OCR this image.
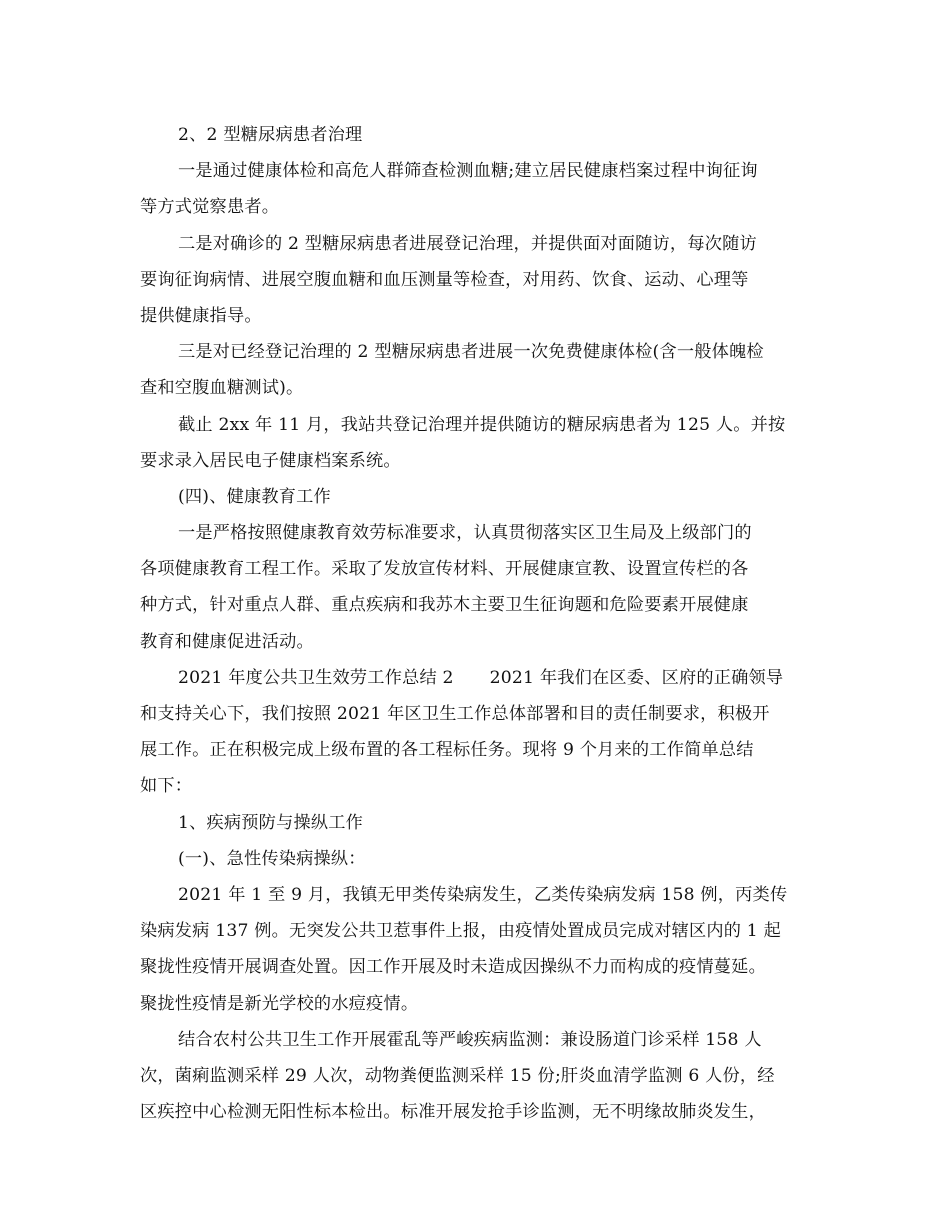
2、2 型糖尿病患者治理
一是通过健康体检和高危人群筛查检测血糖;建立居民健康档案过程中询征询
等方式觉察患者。
二是对确诊的 2 型糖尿病患者进展登记治理，并提供面对面随访，每次随访
要询征询病情、进展空腹血糖和血压测量等检查，对用药、饮食、运动、心理等
提供健康指导。
三是对已经登记治理的 2 型糖尿病患者进展一次免费健康体检(含一般体魄检
查和空腹血糖测试)。
截止 2xx 年 11 月，我站共登记治理并提供随访的糖尿病患者为 125 人。并按
要求录入居民电子健康档案系统。
(四)、健康教育工作
一是严格按照健康教育效劳标准要求，认真贯彻落实区卫生局及上级部门的
各项健康教育工程工作。采取了发放宣传材料、开展健康宣教、设置宣传栏的各
种方式，针对重点人群、重点疾病和我苏木主要卫生征询题和危险要素开展健康
教育和健康促进活动。
2021 年度公共卫生效劳工作总结 2 2021 年我们在区委、区府的正确领导
和支持关心下，我们按照 2021 年区卫生工作总体部署和目的责任制要求，积极开
展工作。正在积极完成上级布置的各工程标任务。现将 9 个月来的工作简单总结
如下：
1、疾病预防与操纵工作
(一)、急性传染病操纵：
2021 年 1 至 9 月，我镇无甲类传染病发生，乙类传染病发病 158 例，丙类传
染病发病 137 例。无突发公共卫惹事件上报，由疫情处置成员完成对辖区内的 1 起
聚拢性疫情开展调查处置。因工作开展及时未造成因操纵不力而构成的疫情蔓延。
聚拢性疫情是新光学校的水痘疫情。
结合农村公共卫生工作开展霍乱等严峻疾病监测：兼设肠道门诊采样 158 人
次，菌痢监测采样 29 人次，动物粪便监测采样 15 份;肝炎血清学监测 6 人份，经
区疾控中心检测无阳性标本检出。标准开展发抢手诊监测，无不明缘故肺炎发生，
